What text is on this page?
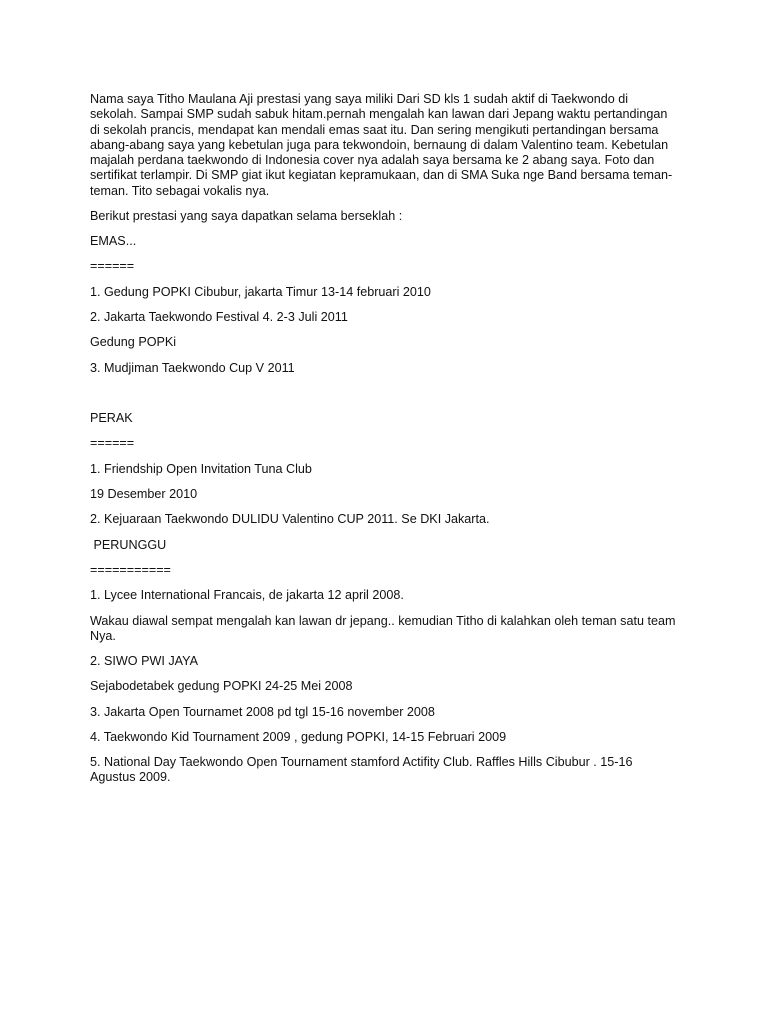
Nama saya Titho Maulana Aji prestasi yang saya miliki Dari SD kls 1 sudah aktif di Taekwondo di
sekolah. Sampai SMP sudah sabuk hitam.pernah mengalah kan lawan dari Jepang waktu pertandingan
di sekolah prancis, mendapat kan mendali emas saat itu. Dan sering mengikuti pertandingan bersama
abang-abang saya yang kebetulan juga para tekwondoin, bernaung di dalam Valentino team. Kebetulan
majalah perdana taekwondo di Indonesia cover nya adalah saya bersama ke 2 abang saya. Foto dan
sertifikat terlampir. Di SMP giat ikut kegiatan kepramukaan, dan di SMA Suka nge Band bersama teman-
teman. Tito sebagai vokalis nya.
Berikut prestasi yang saya dapatkan selama berseklah :
EMAS...
======
1. Gedung POPKI Cibubur, jakarta Timur 13-14 februari 2010
2. Jakarta Taekwondo Festival 4. 2-3 Juli 2011
Gedung POPKi
3. Mudjiman Taekwondo Cup V 2011
PERAK
======
1. Friendship Open Invitation Tuna Club
19 Desember 2010
2. Kejuaraan Taekwondo DULIDU Valentino CUP 2011. Se DKI Jakarta.
PERUNGGU
===========
1. Lycee International Francais, de jakarta 12 april 2008.
Wakau diawal sempat mengalah kan lawan dr jepang.. kemudian Titho di kalahkan oleh teman satu team
Nya.
2. SIWO PWI JAYA
Sejabodetabek gedung POPKI 24-25 Mei 2008
3. Jakarta Open Tournamet 2008 pd tgl 15-16 november 2008
4. Taekwondo Kid Tournament 2009 , gedung POPKI, 14-15 Februari 2009
5. National Day Taekwondo Open Tournament stamford Actifity Club. Raffles Hills Cibubur . 15-16
Agustus 2009.
